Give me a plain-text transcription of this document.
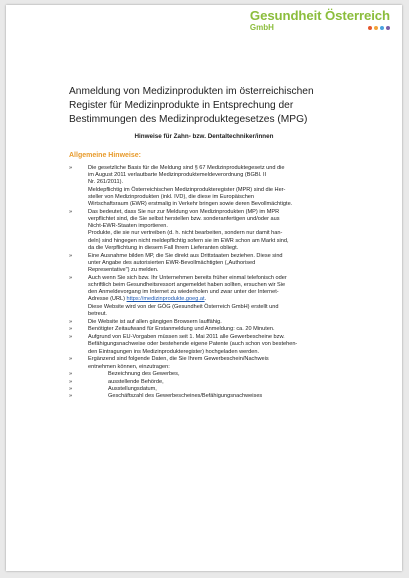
Gesundheit Österreich
GmbH
Anmeldung von Medizinprodukten im österreichischen
Register für Medizinprodukte in Entsprechung der
Bestimmungen des Medizinproduktegesetzes (MPG)
Hinweise für Zahn- bzw. Dentaltechniker/innen
Allgemeine Hinweise:
»	Die gesetzliche Basis für die Meldung sind § 67 Medizinproduktegesetz und die
im August 2011 verlautbarte Medizinproduktemeldeverordnung (BGBl. II
Nr. 261/2011).
Meldepflichtig im Österreichischen Medizinprodukteregister (MPR) sind die Her-
steller von Medizinprodukten (inkl. IVD), die diese im Europäischen
Wirtschaftsraum (EWR) erstmalig in Verkehr bringen sowie deren Bevollmächtigte.
»	Das bedeutet, dass Sie nur zur Meldung von Medizinprodukten (MP) im MPR
verpflichtet sind, die Sie selbst herstellen bzw. sonderanfertigen und/oder aus
Nicht-EWR-Staaten importieren.
Produkte, die sie nur vertreiben (d. h. nicht bearbeiten, sondern nur damit han-
deln) sind hingegen nicht meldepflichtig sofern sie im EWR schon am Markt sind,
da die Verpflichtung in diesem Fall Ihrem Lieferanten obliegt.
»	Eine Ausnahme bilden MP, die Sie direkt aus Drittstaaten beziehen. Diese sind
unter Angabe des autorisierten EWR-Bevollmächtigten („Authorised
Representative") zu melden.
»	Auch wenn Sie sich bzw. Ihr Unternehmen bereits früher einmal telefonisch oder
schriftlich beim Gesundheitsressort angemeldet haben sollten, ersuchen wir Sie
den Anmeldevorgang im Internet zu wiederholen und zwar unter der Internet-
Adresse (URL) https://medizinprodukte.goeg.at.
Diese Website wird von der GÖG (Gesundheit Österreich GmbH) erstellt und
betreut.
»	Die Website ist auf allen gängigen Browsern lauffähig.
»	Benötigter Zeitaufwand für Erstanmeldung und Anmeldung: ca. 20 Minuten.
»	Aufgrund von EU-Vorgaben müssen seit 1. Mai 2011 alle Gewerbescheine bzw.
Befähigungsnachweise oder bestehende eigene Patente (auch schon von bestehen-
den Eintragungen ins Medizinprodukteregister) hochgeladen werden.
»	Ergänzend sind folgende Daten, die Sie Ihrem Gewerbeschein/Nachweis
entnehmen können, einzutragen:
»	Bezeichnung des Gewerbes,
»	ausstellende Behörde,
»	Ausstellungsdatum,
»	Geschäftszahl des Gewerbescheines/Befähigungsnachweises
